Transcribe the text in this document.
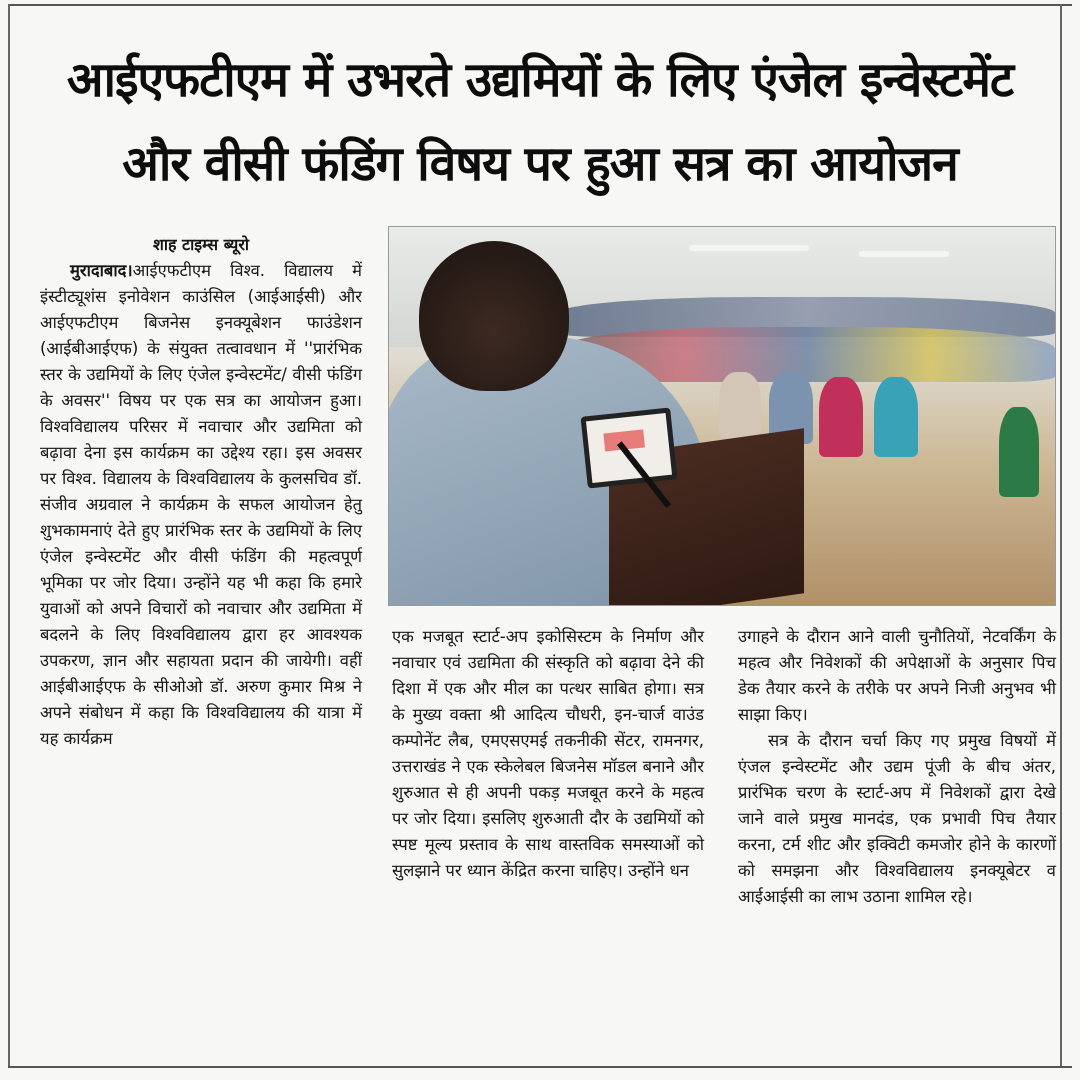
आईएफटीएम में उभरते उद्यमियों के लिए एंजेल इन्वेस्टमेंट
और वीसी फंडिंग विषय पर हुआ सत्र का आयोजन

शाह टाइम्स ब्यूरो

मुरादाबाद।आईएफटीएम विश्व. विद्यालय में इंस्टीट्यूशंस इनोवेशन काउंसिल (आईआईसी) और आईएफटीएम बिजनेस इनक्यूबेशन फाउंडेशन (आईबीआईएफ) के संयुक्त तत्वावधान में ''प्रारंभिक स्तर के उद्यमियों के लिए एंजेल इन्वेस्टमेंट/ वीसी फंडिंग के अवसर'' विषय पर एक सत्र का आयोजन हुआ। विश्वविद्यालय परिसर में नवाचार और उद्यमिता को बढ़ावा देना इस कार्यक्रम का उद्देश्य रहा। इस अवसर पर विश्व. विद्यालय के विश्वविद्यालय के कुलसचिव डॉ. संजीव अग्रवाल ने कार्यक्रम के सफल आयोजन हेतु शुभकामनाएं देते हुए प्रारंभिक स्तर के उद्यमियों के लिए एंजेल इन्वेस्टमेंट और वीसी फंडिंग की महत्वपूर्ण भूमिका पर जोर दिया। उन्होंने यह भी कहा कि हमारे युवाओं को अपने विचारों को नवाचार और उद्यमिता में बदलने के लिए विश्वविद्यालय द्वारा हर आवश्यक उपकरण, ज्ञान और सहायता प्रदान की जायेगी। वहीं आईबीआईएफ के सीओओ डॉ. अरुण कुमार मिश्र ने अपने संबोधन में कहा कि विश्वविद्यालय की यात्रा में यह कार्यक्रम

एक मजबूत स्टार्ट-अप इकोसिस्टम के निर्माण और नवाचार एवं उद्यमिता की संस्कृति को बढ़ावा देने की दिशा में एक और मील का पत्थर साबित होगा। सत्र के मुख्य वक्ता श्री आदित्य चौधरी, इन-चार्ज वाउंड कम्पोनेंट लैब, एमएसएमई तकनीकी सेंटर, रामनगर, उत्तराखंड ने एक स्केलेबल बिजनेस मॉडल बनाने और शुरुआत से ही अपनी पकड़ मजबूत करने के महत्व पर जोर दिया। इसलिए शुरुआती दौर के उद्यमियों को स्पष्ट मूल्य प्रस्ताव के साथ वास्तविक समस्याओं को सुलझाने पर ध्यान केंद्रित करना चाहिए। उन्होंने धन

उगाहने के दौरान आने वाली चुनौतियों, नेटवर्किंग के महत्व और निवेशकों की अपेक्षाओं के अनुसार पिच डेक तैयार करने के तरीके पर अपने निजी अनुभव भी साझा किए।

सत्र के दौरान चर्चा किए गए प्रमुख विषयों में एंजल इन्वेस्टमेंट और उद्यम पूंजी के बीच अंतर, प्रारंभिक चरण के स्टार्ट-अप में निवेशकों द्वारा देखे जाने वाले प्रमुख मानदंड, एक प्रभावी पिच तैयार करना, टर्म शीट और इक्विटी कमजोर होने के कारणों को समझना और विश्वविद्यालय इनक्यूबेटर व आईआईसी का लाभ उठाना शामिल रहे।
